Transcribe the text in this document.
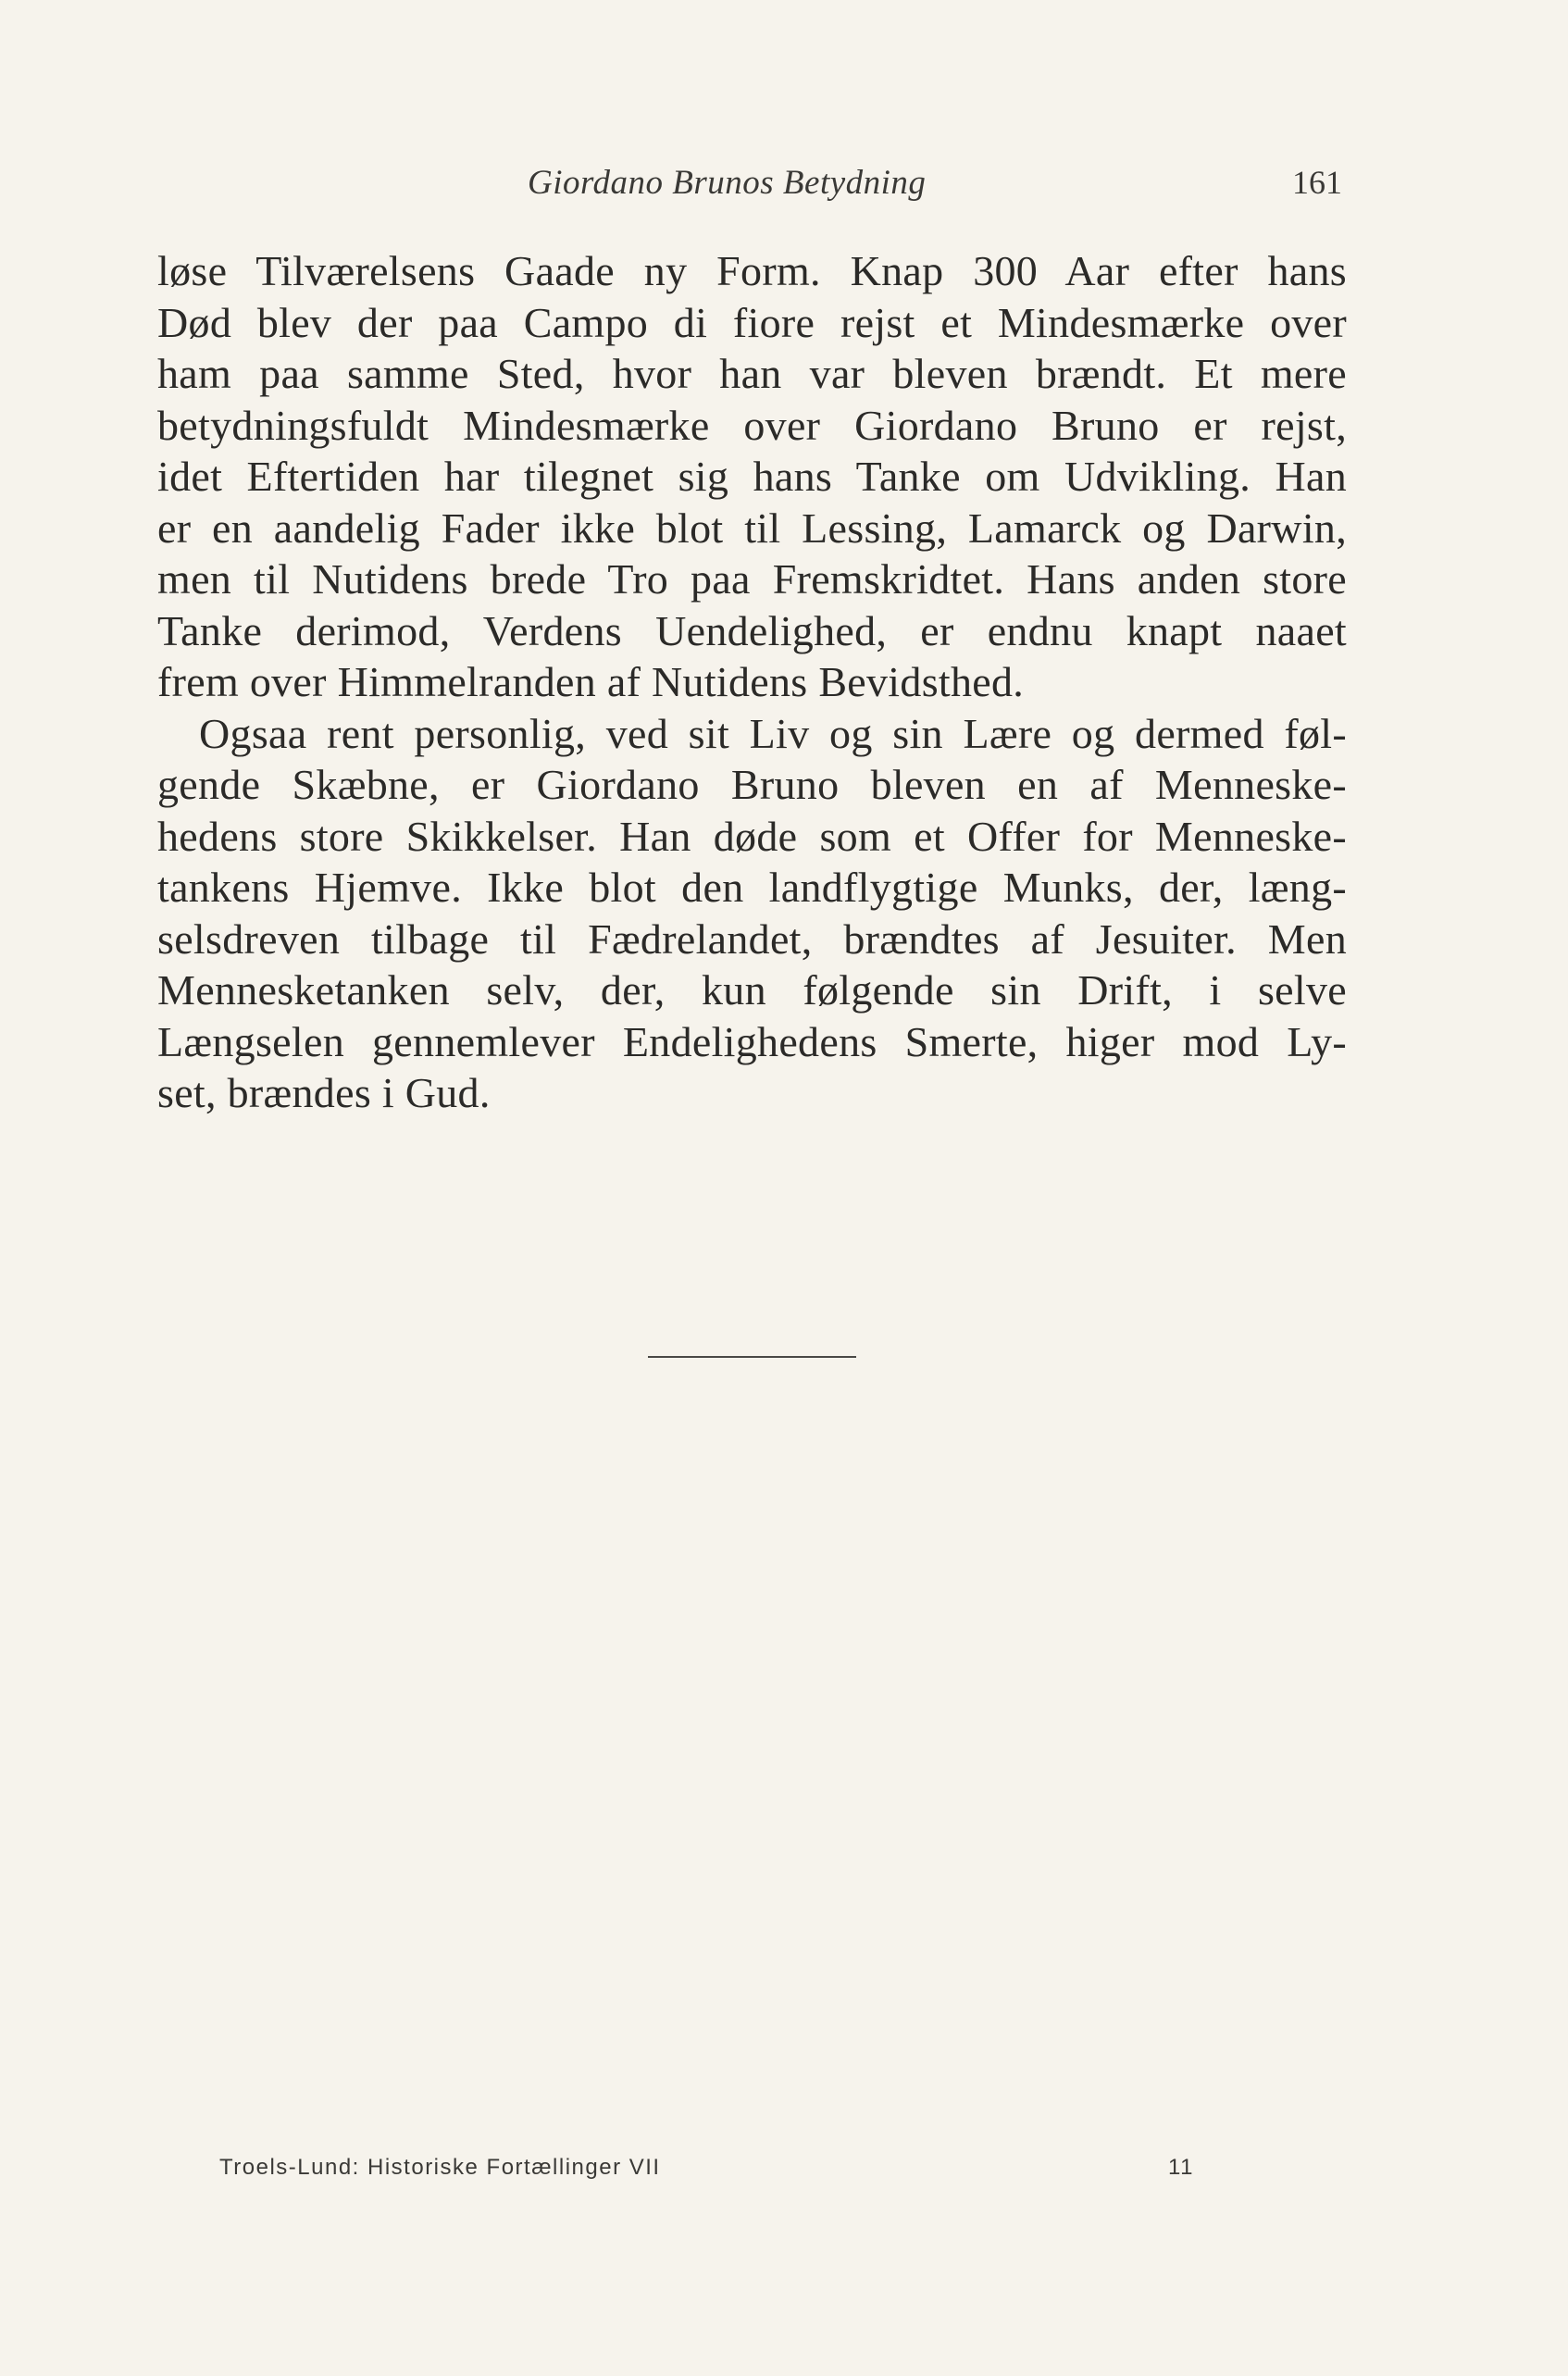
Giordano Brunos Betydning	161
løse Tilværelsens Gaade ny Form. Knap 300 Aar efter hans
Død blev der paa Campo di fiore rejst et Mindesmærke over
ham paa samme Sted, hvor han var bleven brændt. Et mere
betydningsfuldt Mindesmærke over Giordano Bruno er rejst,
idet Eftertiden har tilegnet sig hans Tanke om Udvikling. Han
er en aandelig Fader ikke blot til Lessing, Lamarck og Darwin,
men til Nutidens brede Tro paa Fremskridtet. Hans anden store
Tanke derimod, Verdens Uendelighed, er endnu knapt naaet
frem over Himmelranden af Nutidens Bevidsthed.
Ogsaa rent personlig, ved sit Liv og sin Lære og dermed føl-
gende Skæbne, er Giordano Bruno bleven en af Menneske-
hedens store Skikkelser. Han døde som et Offer for Menneske-
tankens Hjemve. Ikke blot den landflygtige Munks, der, læng-
selsdreven tilbage til Fædrelandet, brændtes af Jesuiter. Men
Mennesketanken selv, der, kun følgende sin Drift, i selve
Længselen gennemlever Endelighedens Smerte, higer mod Ly-
set, brændes i Gud.
Troels-Lund: Historiske Fortællinger VII	11
